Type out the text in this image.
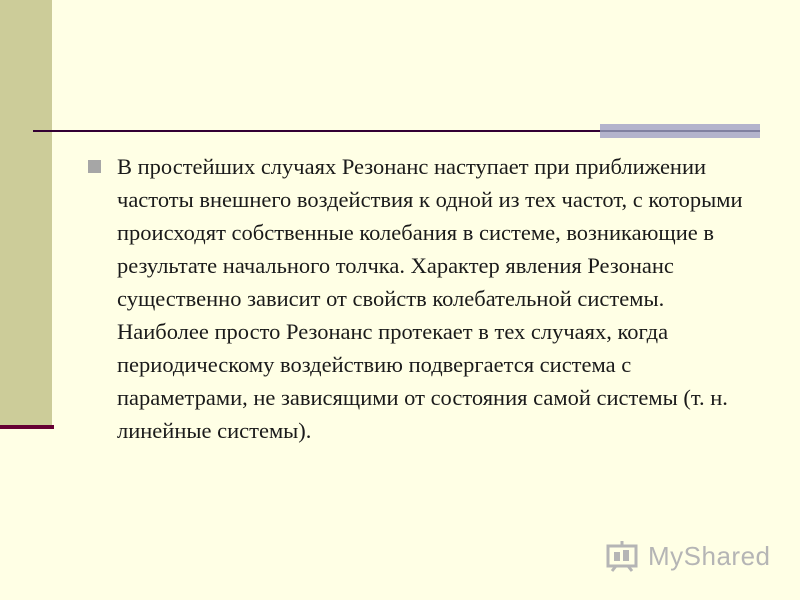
В простейших случаях Резонанс наступает при приближении частоты внешнего воздействия к одной из тех частот, с которыми происходят собственные колебания в системе, возникающие в результате начального толчка. Характер явления Резонанс существенно зависит от свойств колебательной системы. Наиболее просто Резонанс протекает в тех случаях, когда периодическому воздействию подвергается система с параметрами, не зависящими от состояния самой системы (т. н. линейные системы).

MyShared
